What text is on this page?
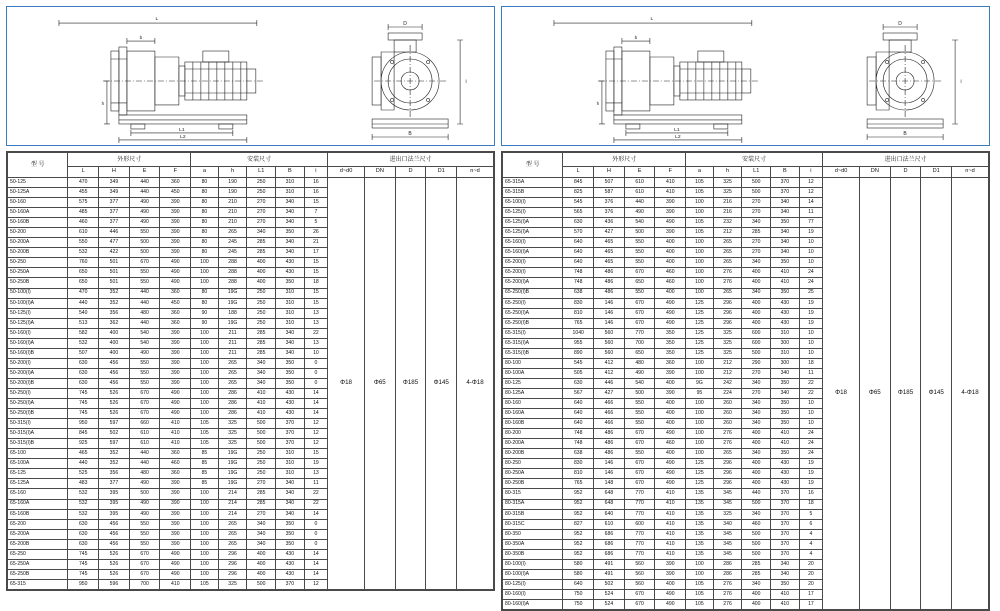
L
L1
L2
b
h
D
B
i
型 号	外形尺寸				安装尺寸					进出口法兰尺寸				
	L	H	E	F	a	h	L1	B	i	d~d0	DN	D	D1	n~d
50-125	470	349	440	360	80	190	250	310	16	Φ18	Φ65	Φ185	Φ145	4-Φ18
50-125A	455	349	440	450	80	190	250	310	16					
50-160	575	377	490	390	80	210	270	340	15					
50-160A	485	377	490	390	80	210	270	340	7					
50-160B	460	377	490	390	80	210	270	340	5					
50-200	610	446	550	390	80	265	340	350	26					
50-200A	550	477	500	390	80	245	285	340	21					
50-200B	532	422	500	390	80	245	285	340	17					
50-250	760	501	670	490	100	288	400	430	15					
50-250A	650	501	550	490	100	288	400	430	15					
50-250B	650	501	550	490	100	288	400	350	18					
50-100(I)	470	352	440	360	80	19G	250	310	15					
50-100(I)A	440	352	440	450	80	19G	250	310	15					
50-125(I)	540	356	480	360	90	188	250	310	13					
50-125(I)A	513	362	440	360	90	19G	250	310	13					
50-160(I)	582	400	540	390	100	211	285	340	22					
50-160(I)A	532	400	540	390	100	211	285	340	13					
50-160(I)B	507	400	490	390	100	211	285	340	10					
50-200(I)	630	456	550	390	100	265	340	350	0					
50-200(I)A	630	456	550	390	100	265	340	350	0					
50-200(I)B	630	456	550	390	100	265	340	350	0					
50-250(I)	745	526	670	490	100	286	410	430	14					
50-250(I)A	745	526	670	490	100	286	410	430	14					
50-250(I)B	745	526	670	490	100	286	410	430	14					
50-315(I)	950	597	660	410	105	325	500	370	12					
50-315(I)A	845	502	610	410	105	325	500	370	12					
50-315(I)B	925	597	610	410	105	325	500	370	12					
65-100	465	352	440	360	85	19G	250	310	15					
65-100A	440	352	440	460	85	19G	250	310	19					
65-125	525	356	480	360	85	19G	250	310	13					
65-125A	483	377	490	390	85	19G	270	340	11					
65-160	532	395	500	390	100	214	285	340	22					
65-160A	532	395	490	390	100	214	285	340	22					
65-160B	532	395	490	390	100	214	270	340	14					
65-200	630	456	550	390	100	265	340	350	0					
65-200A	630	456	550	390	100	265	340	350	0					
65-200B	630	456	550	390	100	265	340	350	0					
65-250	745	526	670	490	100	296	400	430	14					
65-250A	745	526	670	490	100	296	400	430	14					
65-250B	745	526	670	490	100	296	400	430	14					
65-315	950	596	700	410	105	325	500	370	12					
L
L1
L2
b
h
D
B
i
型 号	外形尺寸				安装尺寸					进出口法兰尺寸				
	L	H	E	F	a	h	L1	B	i	d~d0	DN	D	D1	n~d
65-315A	845	507	610	410	105	325	500	370	12	Φ18	Φ65	Φ185	Φ145	4-Φ18
65-315B	825	587	610	410	105	325	500	370	12					
65-100(I)	545	376	440	390	100	216	270	340	14					
65-125(I)	565	376	490	390	100	216	270	340	11					
65-125(I)A	630	436	540	490	105	232	340	350	77					
65-125(I)A	570	427	500	390	105	212	285	340	19					
65-160(I)	640	465	550	400	100	265	270	340	10					
65-160(I)A	640	465	550	400	100	265	270	340	10					
65-200(I)	640	465	550	400	100	265	340	350	10					
65-200(I)	748	486	670	460	100	276	400	410	24					
65-200(I)A	748	486	650	460	100	276	400	410	24					
65-250(I)B	638	486	550	400	100	265	340	350	25					
65-250(I)	830	146	670	490	125	296	400	430	19					
65-250(I)A	810	146	670	490	125	296	400	430	19					
65-250(I)B	765	146	670	490	125	296	400	430	19					
65-315(I)	1040	560	770	350	125	325	600	310	10					
65-315(I)A	955	560	700	350	125	325	600	300	10					
65-315(I)B	890	560	650	350	125	325	500	310	10					
80-100	545	412	480	360	100	212	290	300	18					
80-100A	505	412	490	390	100	212	270	340	11					
80-125	630	446	540	400	9G	242	340	350	22					
80-125A	567	427	500	390	95	224	270	340	22					
80-160	640	466	550	400	100	260	340	350	10					
80-160A	640	466	550	400	100	260	340	350	10					
80-160B	640	466	550	400	100	260	340	350	10					
80-200	748	486	670	490	100	276	400	410	24					
80-200A	748	486	670	460	100	276	400	410	24					
80-200B	638	486	550	400	100	265	340	350	24					
80-250	830	146	670	490	125	296	400	430	19					
80-250A	810	146	670	490	125	296	400	430	19					
80-250B	765	148	670	490	125	296	400	430	19					
80-315	952	648	770	410	135	345	440	370	16					
80-315A	952	648	770	410	135	345	500	370	18					
80-315B	952	640	770	410	135	325	340	370	5					
80-315C	827	610	600	410	135	340	460	370	6					
80-350	952	686	770	410	135	345	500	370	4					
80-350A	952	686	770	410	135	345	500	370	4					
80-350B	952	686	770	410	135	345	500	370	4					
80-100(I)	580	491	560	390	100	286	285	340	20					
80-100(I)A	580	491	560	390	100	286	285	340	20					
80-125(I)	640	502	560	400	105	276	340	350	20					
80-160(I)	750	524	670	490	105	276	400	410	17					
80-160(I)A	750	524	670	490	105	276	400	410	17					
